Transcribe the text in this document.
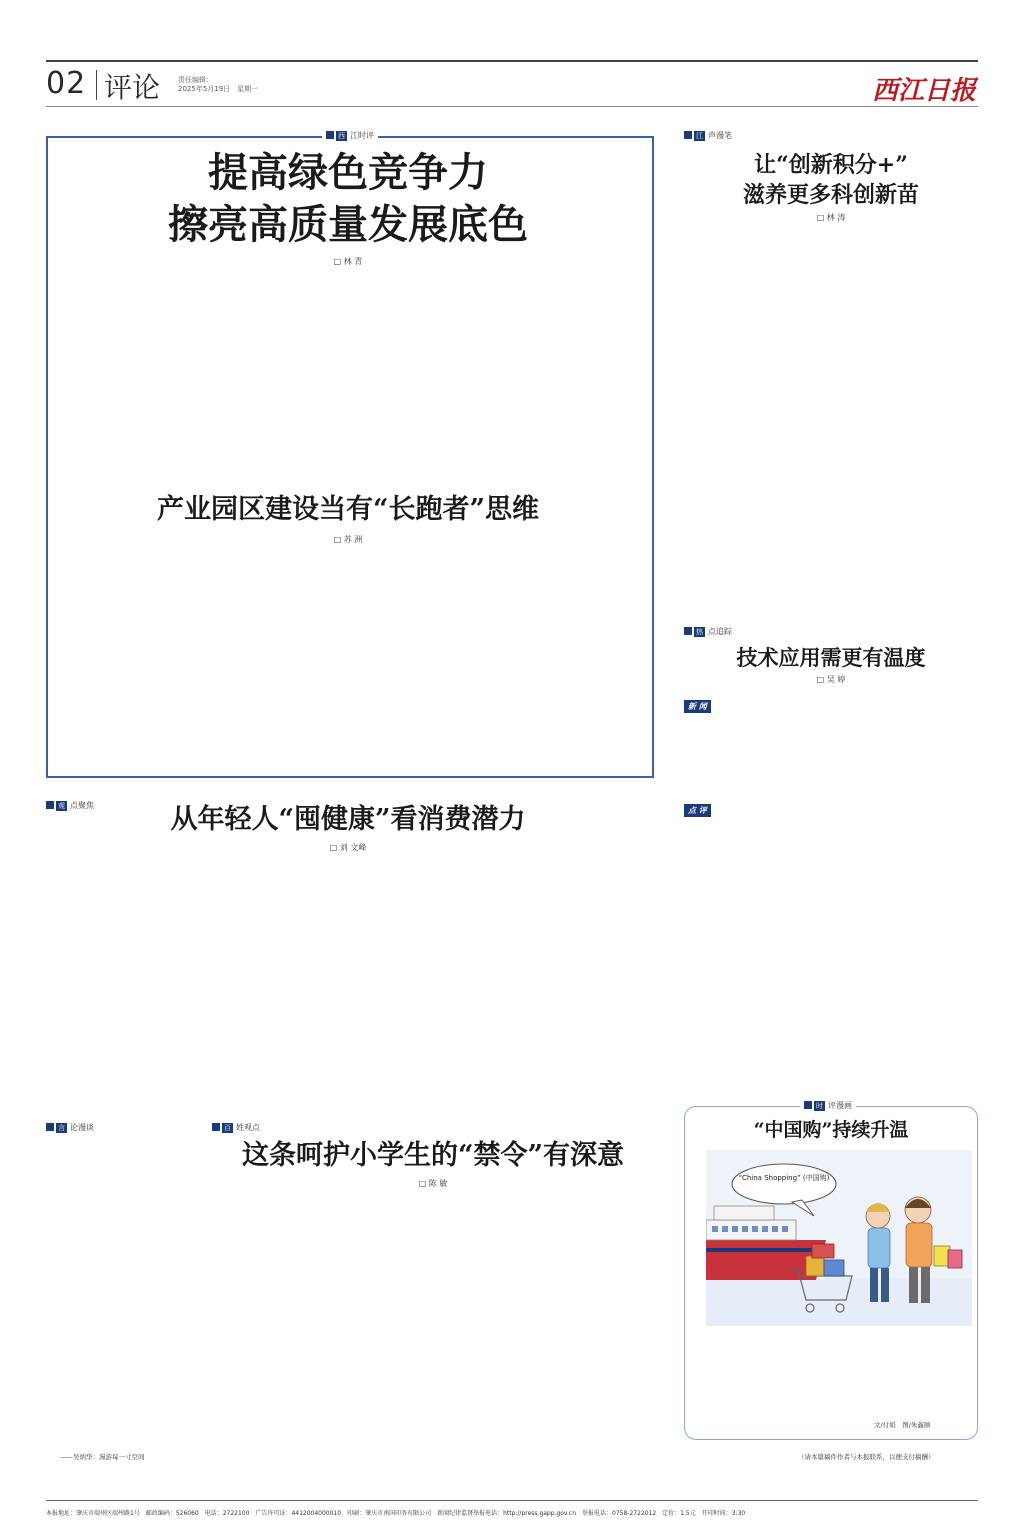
02 评论	责任编辑：
2025年5月19日　星期一	西江日报
西 江时评
提高绿色竞争力
擦亮高质量发展底色
□ 林 青
产业园区建设当有“长跑者”思维
□ 苏 洲
江 声漫笔
让“创新积分+”
滋养更多科创新苗
□ 林 涛
热 点追踪
技术应用需更有温度
□ 吴 婷
新 闻
点 评
观 点聚焦	从年轻人“囤健康”看消费潜力
□ 刘 文峰
言 论漫谈
——吴炳华：漫游每一寸空间
百 姓观点
这条呵护小学生的“禁令”有深意
□ 陈 敏
时 评漫画
“中国购”持续升温
“China Shopping” (中国购)
文/付娟　图/朱鑫顺
（请本篇稿件作者与本报联系，以便支付稿酬）
本报地址：肇庆市端州区端州路1号　邮政编码：526060　电话：2722100　广告许可证：4412004000010　印刷：肇庆市南国印务有限公司　新闻纪律监督举报电话：http://press.gapp.gov.cn　举报电话：0758-2722012　定价：1.5元　开印时间：3:30
